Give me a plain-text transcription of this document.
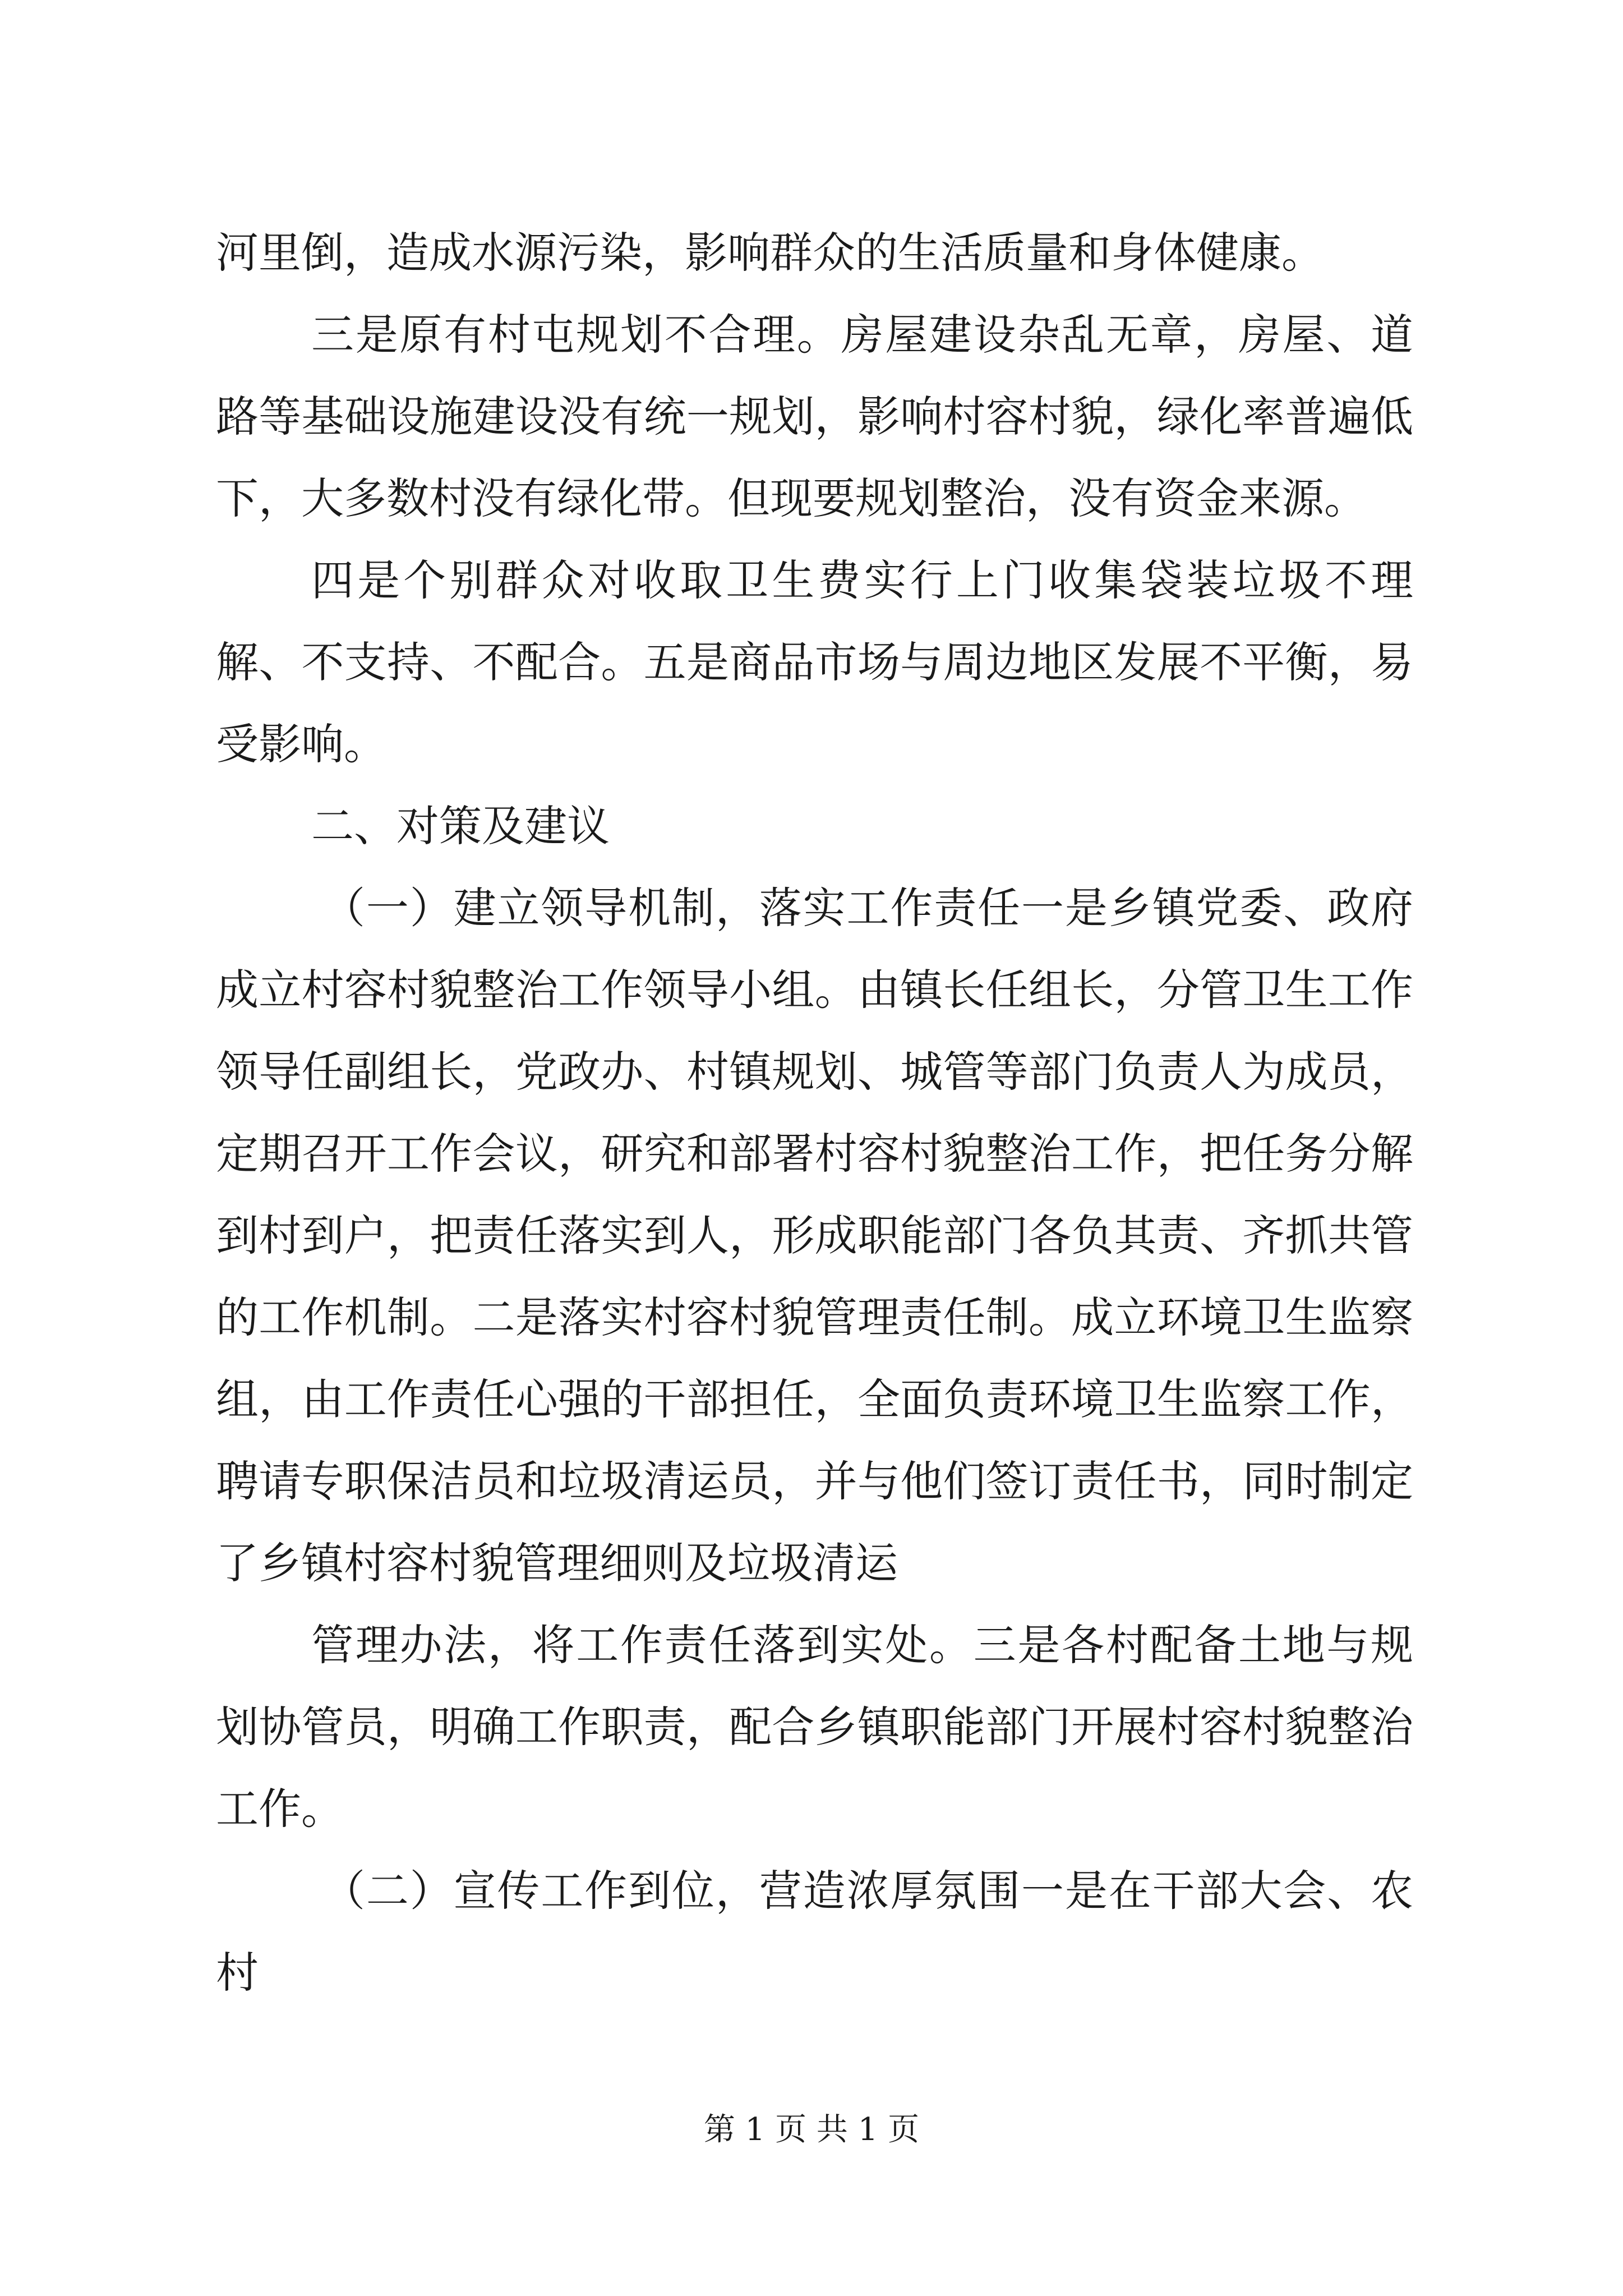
河里倒，造成水源污染，影响群众的生活质量和身体健康。

三是原有村屯规划不合理。房屋建设杂乱无章，房屋、道路等基础设施建设没有统一规划，影响村容村貌，绿化率普遍低下，大多数村没有绿化带。但现要规划整治，没有资金来源。

四是个别群众对收取卫生费实行上门收集袋装垃圾不理解、不支持、不配合。五是商品市场与周边地区发展不平衡，易受影响。

二、对策及建议

（一）建立领导机制，落实工作责任一是乡镇党委、政府成立村容村貌整治工作领导小组。由镇长任组长，分管卫生工作领导任副组长，党政办、村镇规划、城管等部门负责人为成员，定期召开工作会议，研究和部署村容村貌整治工作，把任务分解到村到户，把责任落实到人，形成职能部门各负其责、齐抓共管的工作机制。二是落实村容村貌管理责任制。成立环境卫生监察组，由工作责任心强的干部担任，全面负责环境卫生监察工作，聘请专职保洁员和垃圾清运员，并与他们签订责任书，同时制定了乡镇村容村貌管理细则及垃圾清运

管理办法，将工作责任落到实处。三是各村配备土地与规划协管员，明确工作职责，配合乡镇职能部门开展村容村貌整治工作。

（二）宣传工作到位，营造浓厚氛围一是在干部大会、农村

第 1 页 共 1 页
